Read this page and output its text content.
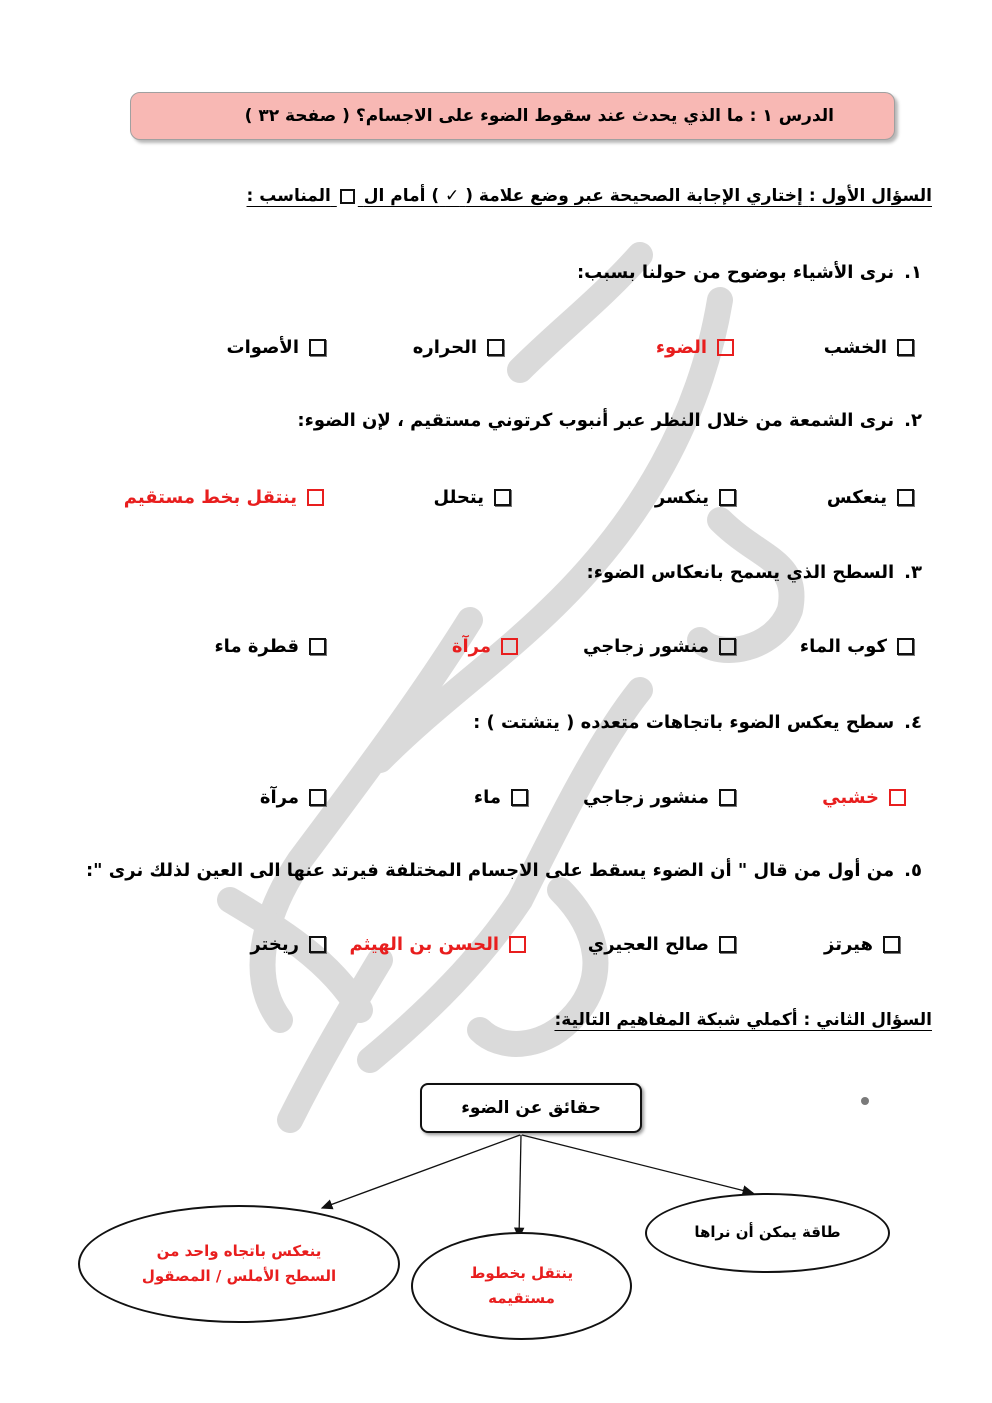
الدرس ١ : ما الذي يحدث عند سقوط الضوء على الاجسام؟ ( صفحة ٣٢ )
السؤال الأول : إختاري الإجابة الصحيحة عبر وضع علامة ( ✓ ) أمام ال  المناسب :
١.نرى الأشياء بوضوح من حولنا بسبب:
الخشب
الضوء
الحراره
الأصوات
٢.نرى الشمعة من خلال النظر عبر أنبوب كرتوني مستقيم ، لإن الضوء:
ينعكس
ينكسر
يتحلل
ينتقل بخط مستقيم
٣.السطح الذي يسمح بانعكاس الضوء:
كوب الماء
منشور زجاجي
مرآة
قطرة ماء
٤.سطح يعكس الضوء باتجاهات متعدده ( يتشتت ) :
خشبي
منشور زجاجي
ماء
مرآة
٥.من أول من قال " أن الضوء يسقط على الاجسام المختلفة فيرتد عنها الى العين لذلك نرى ":
هيرتز
صالح العجيري
الحسن بن الهيثم
ريختر
السؤال الثاني : أكملي شبكة المفاهيم التالية:
حقائق عن الضوء
طاقة يمكن أن نراها
ينتقل بخطوط
مستقيمه
ينعكس باتجاه واحد من
السطح الأملس / المصقول
